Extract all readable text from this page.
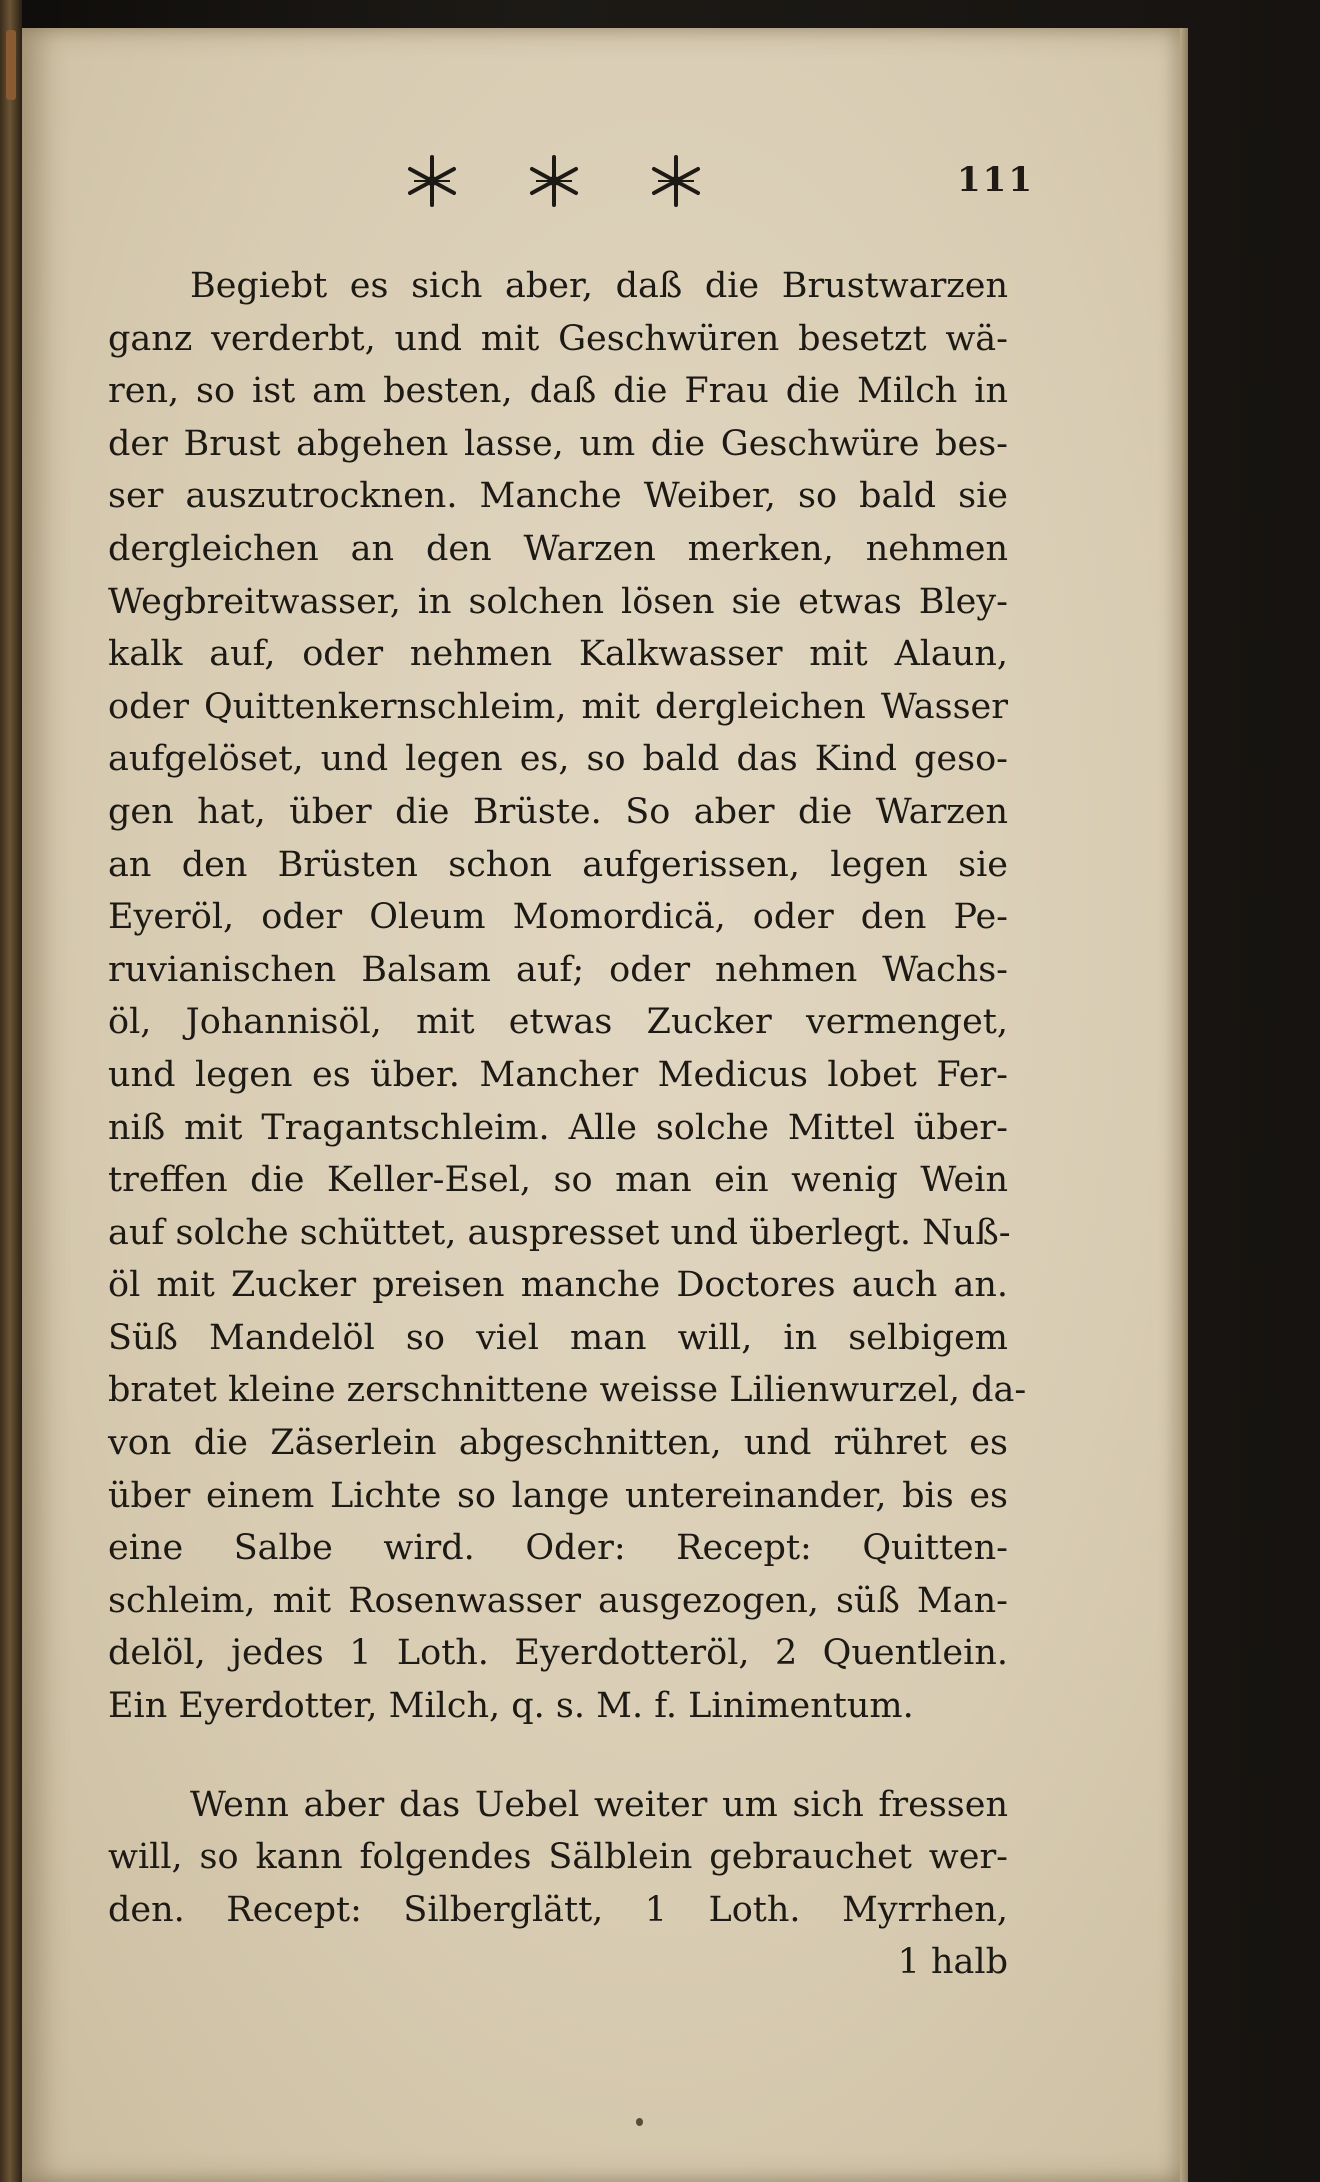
111
Begiebt es sich aber, daß die Brustwarzen
ganz verderbt, und mit Geschwüren besetzt wä-
ren, so ist am besten, daß die Frau die Milch in
der Brust abgehen lasse, um die Geschwüre bes-
ser auszutrocknen. Manche Weiber, so bald sie
dergleichen an den Warzen merken, nehmen
Wegbreitwasser, in solchen lösen sie etwas Bley-
kalk auf, oder nehmen Kalkwasser mit Alaun,
oder Quittenkernschleim, mit dergleichen Wasser
aufgelöset, und legen es, so bald das Kind geso-
gen hat, über die Brüste. So aber die Warzen
an den Brüsten schon aufgerissen, legen sie
Eyeröl, oder Oleum Momordicä, oder den Pe-
ruvianischen Balsam auf; oder nehmen Wachs-
öl, Johannisöl, mit etwas Zucker vermenget,
und legen es über. Mancher Medicus lobet Fer-
niß mit Tragantschleim. Alle solche Mittel über-
treffen die Keller-Esel, so man ein wenig Wein
auf solche schüttet, auspresset und überlegt. Nuß-
öl mit Zucker preisen manche Doctores auch an.
Süß Mandelöl so viel man will, in selbigem
bratet kleine zerschnittene weisse Lilienwurzel, da-
von die Zäserlein abgeschnitten, und rühret es
über einem Lichte so lange untereinander, bis es
eine Salbe wird. Oder: Recept: Quitten-
schleim, mit Rosenwasser ausgezogen, süß Man-
delöl, jedes 1 Loth. Eyerdotteröl, 2 Quentlein.
Ein Eyerdotter, Milch, q. s. M. f. Linimentum.
Wenn aber das Uebel weiter um sich fressen
will, so kann folgendes Sälblein gebrauchet wer-
den. Recept: Silberglätt, 1 Loth. Myrrhen,
1 halb
